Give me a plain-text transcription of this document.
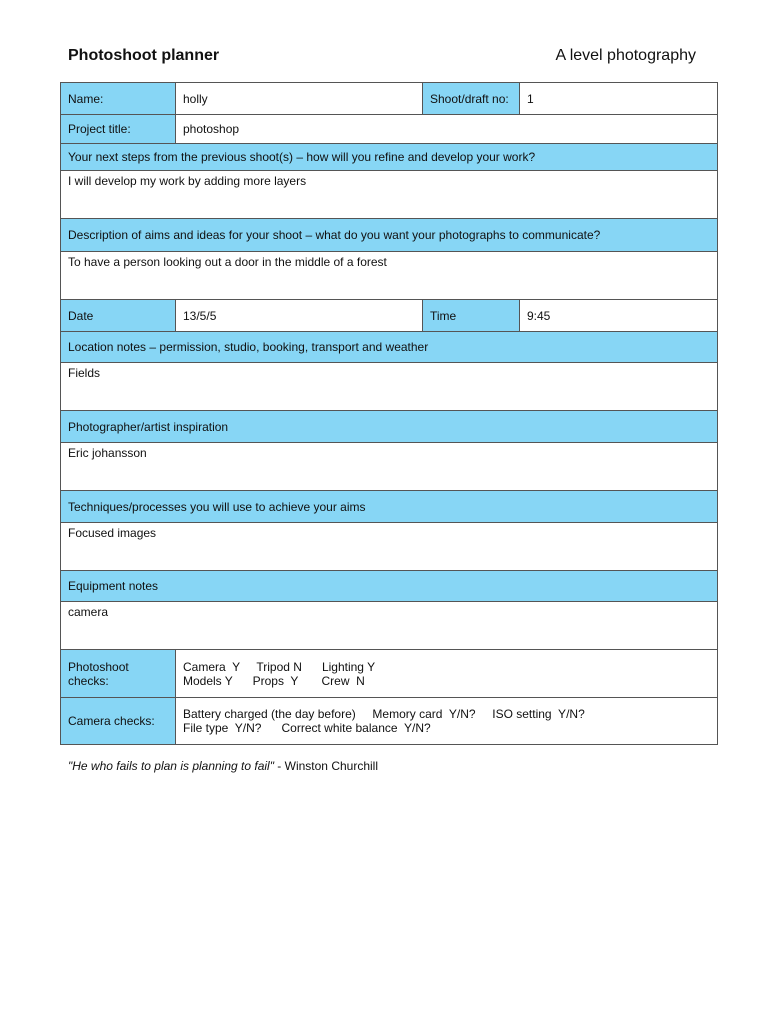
Photoshoot planner	A level photography
Name:	holly	Shoot/draft no:	1
Project title:	photoshop		
Your next steps from the previous shoot(s) – how will you refine and develop your work?			
I will develop my work by adding more layers			
Description of aims and ideas for your shoot – what do you want your photographs to communicate?			
To have a person looking out a door in the middle of a forest			
Date	13/5/5	Time	9:45
Location notes – permission, studio, booking, transport and weather			
Fields			
Photographer/artist inspiration			
Eric johansson			
Techniques/processes you will use to achieve your aims			
Focused images			
Equipment notes			
camera			
Photoshoot checks:	Camera  Y     Tripod N      Lighting Y
Models Y      Props  Y       Crew  N		

Camera checks:	Battery charged (the day before)     Memory card  Y/N?     ISO setting  Y/N?
File type  Y/N?      Correct white balance  Y/N?		
"He who fails to plan is planning to fail" - Winston Churchill
